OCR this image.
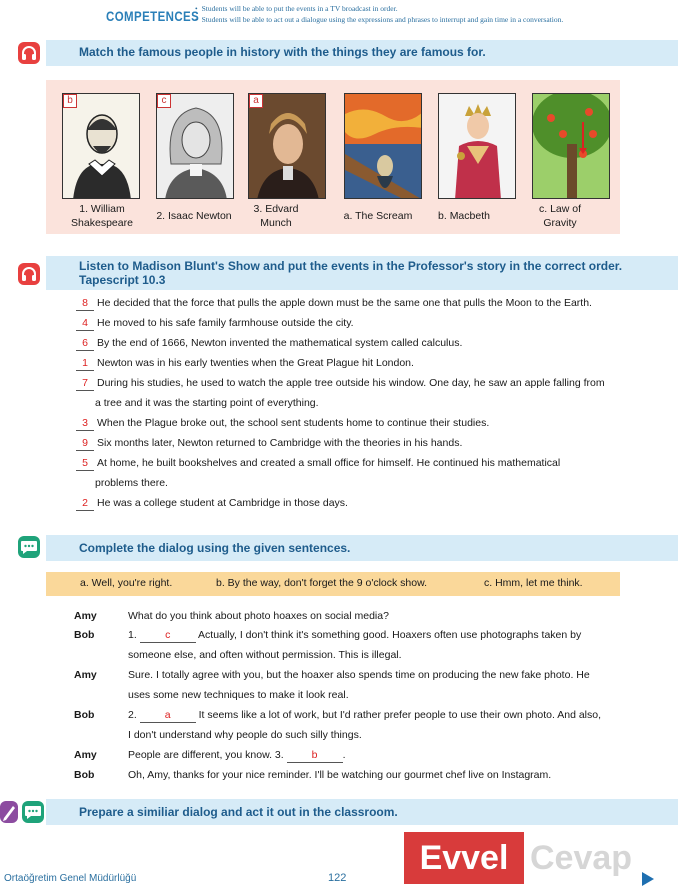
COMPETENCES
• Students will be able to put the events in a TV broadcast in order.
• Students will be able to act out a dialogue using the expressions and phrases to interrupt and gain time in a conversation.
Match the famous people in history with the things they are famous for.
b	c	a
1. William
Shakespeare
2. Isaac Newton
3. Edvard
Munch
a. The Scream	b. Macbeth
c. Law of
Gravity
Listen to Madison Blunt's Show and put the events in the Professor's story in the correct order.
Tapescript 10.3
8 He decided that the force that pulls the apple down must be the same one that pulls the Moon to the Earth.
4 He moved to his safe family farmhouse outside the city.
6 By the end of 1666, Newton invented the mathematical system called calculus.
1 Newton was in his early twenties when the Great Plague hit London.
7 During his studies, he used to watch the apple tree outside his window. One day, he saw an apple falling from
a tree and it was the starting point of everything.
3 When the Plague broke out, the school sent students home to continue their studies.
9 Six months later, Newton returned to Cambridge with the theories in his hands.
5 At home, he built bookshelves and created a small office for himself. He continued his mathematical
problems there.
2 He was a college student at Cambridge in those days.
Complete the dialog using the given sentences.
a. Well, you're right.	b. By the way, don't forget the 9 o'clock show.	c. Hmm, let me think.
Amy	What do you think about photo hoaxes on social media?
Bob	1. c Actually, I don't think it's something good. Hoaxers often use photographs taken by
someone else, and often without permission. This is illegal.
Amy	Sure. I totally agree with you, but the hoaxer also spends time on producing the new fake photo. He
uses some new techniques to make it look real.
Bob	2. a It seems like a lot of work, but I'd rather prefer people to use their own photo. And also,
I don't understand why people do such silly things.
Amy	People are different, you know. 3. b .
Bob	Oh, Amy, thanks for your nice reminder. I'll be watching our gourmet chef live on Instagram.
Prepare a similiar dialog and act it out in the classroom.
Ortaöğretim Genel Müdürlüğü	122
Evvel Cevap
